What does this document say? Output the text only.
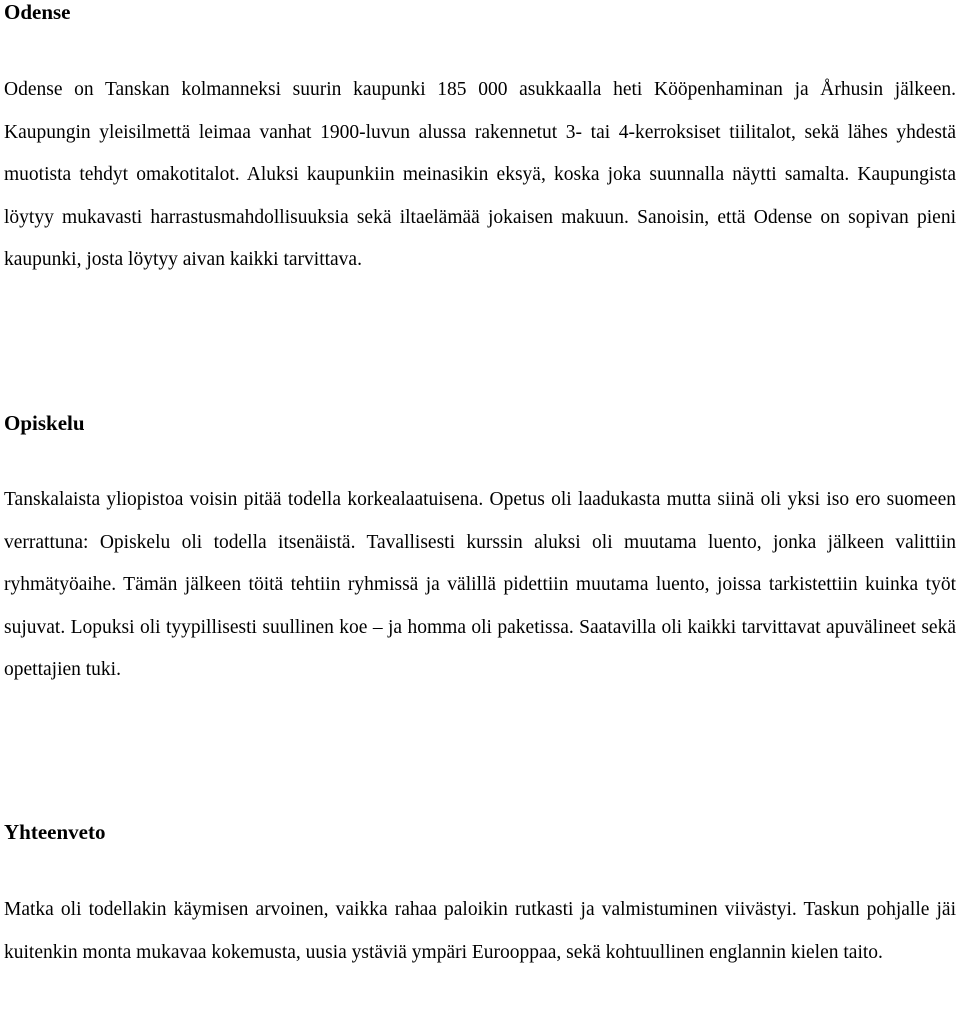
Odense

Odense on Tanskan kolmanneksi suurin kaupunki 185 000 asukkaalla heti Kööpenhaminan ja Århusin jälkeen. Kaupungin yleisilmettä leimaa vanhat 1900-luvun alussa rakennetut 3- tai 4-kerroksiset tiilitalot, sekä lähes yhdestä muotista tehdyt omakotitalot. Aluksi kaupunkiin meinasikin eksyä, koska joka suunnalla näytti samalta. Kaupungista löytyy mukavasti harrastusmahdollisuuksia sekä iltaelämää jokaisen makuun. Sanoisin, että Odense on sopivan pieni kaupunki, josta löytyy aivan kaikki tarvittava.

Opiskelu

Tanskalaista yliopistoa voisin pitää todella korkealaatuisena. Opetus oli laadukasta mutta siinä oli yksi iso ero suomeen verrattuna: Opiskelu oli todella itsenäistä. Tavallisesti kurssin aluksi oli muutama luento, jonka jälkeen valittiin ryhmätyöaihe. Tämän jälkeen töitä tehtiin ryhmissä ja välillä pidettiin muutama luento, joissa tarkistettiin kuinka työt sujuvat. Lopuksi oli tyypillisesti suullinen koe – ja homma oli paketissa. Saatavilla oli kaikki tarvittavat apuvälineet sekä opettajien tuki.

Yhteenveto

Matka oli todellakin käymisen arvoinen, vaikka rahaa paloikin rutkasti ja valmistuminen viivästyi. Taskun pohjalle jäi kuitenkin monta mukavaa kokemusta, uusia ystäviä ympäri Eurooppaa, sekä kohtuullinen englannin kielen taito.
